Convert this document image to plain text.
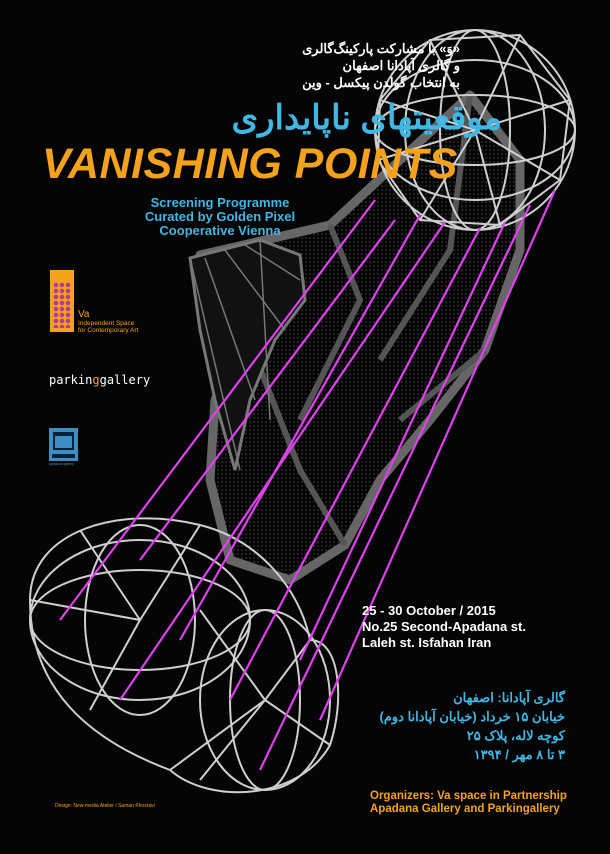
«وَ» با مشارکت پارکینگ‌گالری
و گالری آپادانا اصفهان
به انتخاب گولدن پیکسل - وین
موقعیتهای ناپایداری
VANISHING POINTS
Screening Programme
Curated by Golden Pixel
Cooperative Vienna
Va
Independent Space
for Contemporary Art
parkinggallery
apadana gallery
25 - 30 October / 2015
No.25 Second-Apadana st.
Laleh st. Isfahan Iran
گالری آپادانا: اصفهان
خیابان ۱۵ خرداد (خیابان آپادانا دوم)
کوچه لاله، پلاک ۲۵
۳ تا ۸ مهر / ۱۳۹۴
Organizers: Va space in Partnership
Apadana Gallery and Parkingallery
Design: New-media Atelier / Saman Khosravi
